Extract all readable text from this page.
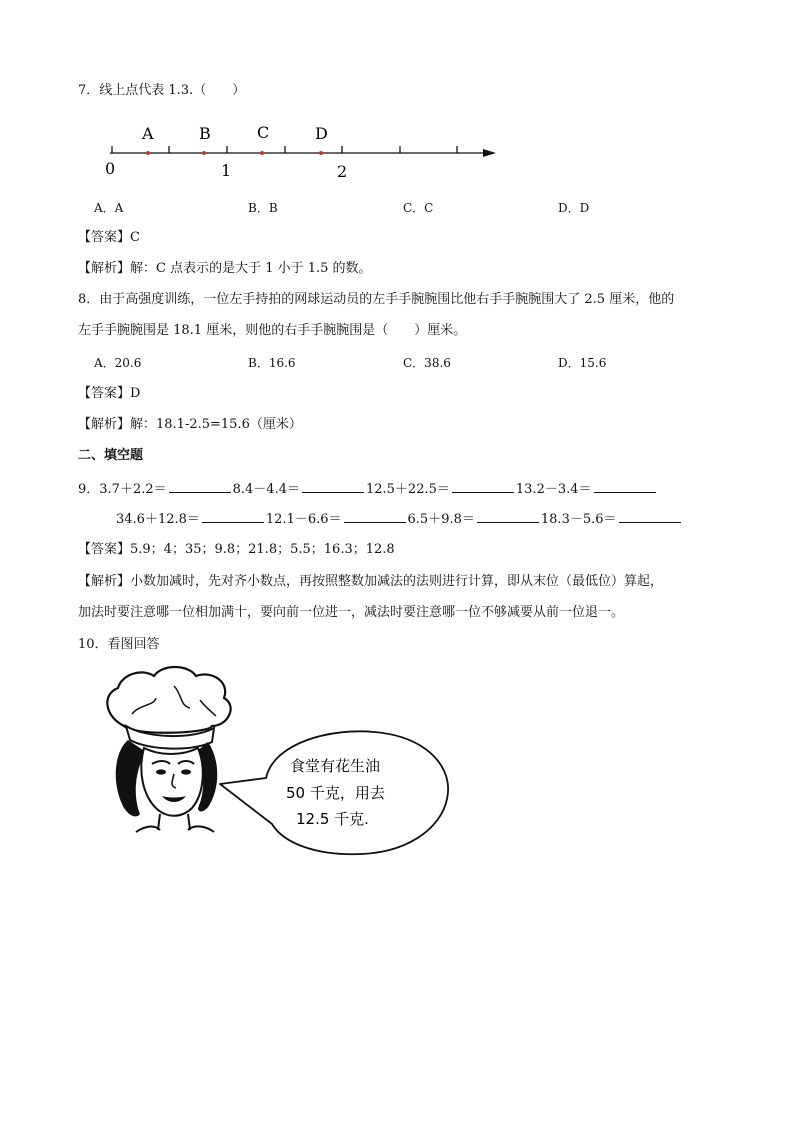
7．线上点代表 1.3.（　　）
A	B	C	D
0	1	2
A．A	B．B	C．C	D．D
【答案】C
【解析】解：C 点表示的是大于 1 小于 1.5 的数。
8．由于高强度训练，一位左手持拍的网球运动员的左手手腕腕围比他右手手腕腕围大了 2.5 厘米，他的
左手手腕腕围是 18.1 厘米，则他的右手手腕腕围是（　　）厘米。
A．20.6	B．16.6	C．38.6	D．15.6
【答案】D
【解析】解：18.1-2.5=15.6（厘米）
二、填空题
9．3.7＋2.2＝	8.4－4.4＝	12.5＋22.5＝	13.2－3.4＝
34.6＋12.8＝	12.1－6.6＝	6.5＋9.8＝	18.3－5.6＝
【答案】5.9；4；35；9.8；21.8；5.5；16.3；12.8
【解析】小数加减时，先对齐小数点，再按照整数加减法的法则进行计算，即从末位（最低位）算起，
加法时要注意哪一位相加满十，要向前一位进一，减法时要注意哪一位不够减要从前一位退一。
10．看图回答
食堂有花生油
50 千克，用去
12.5 千克.
